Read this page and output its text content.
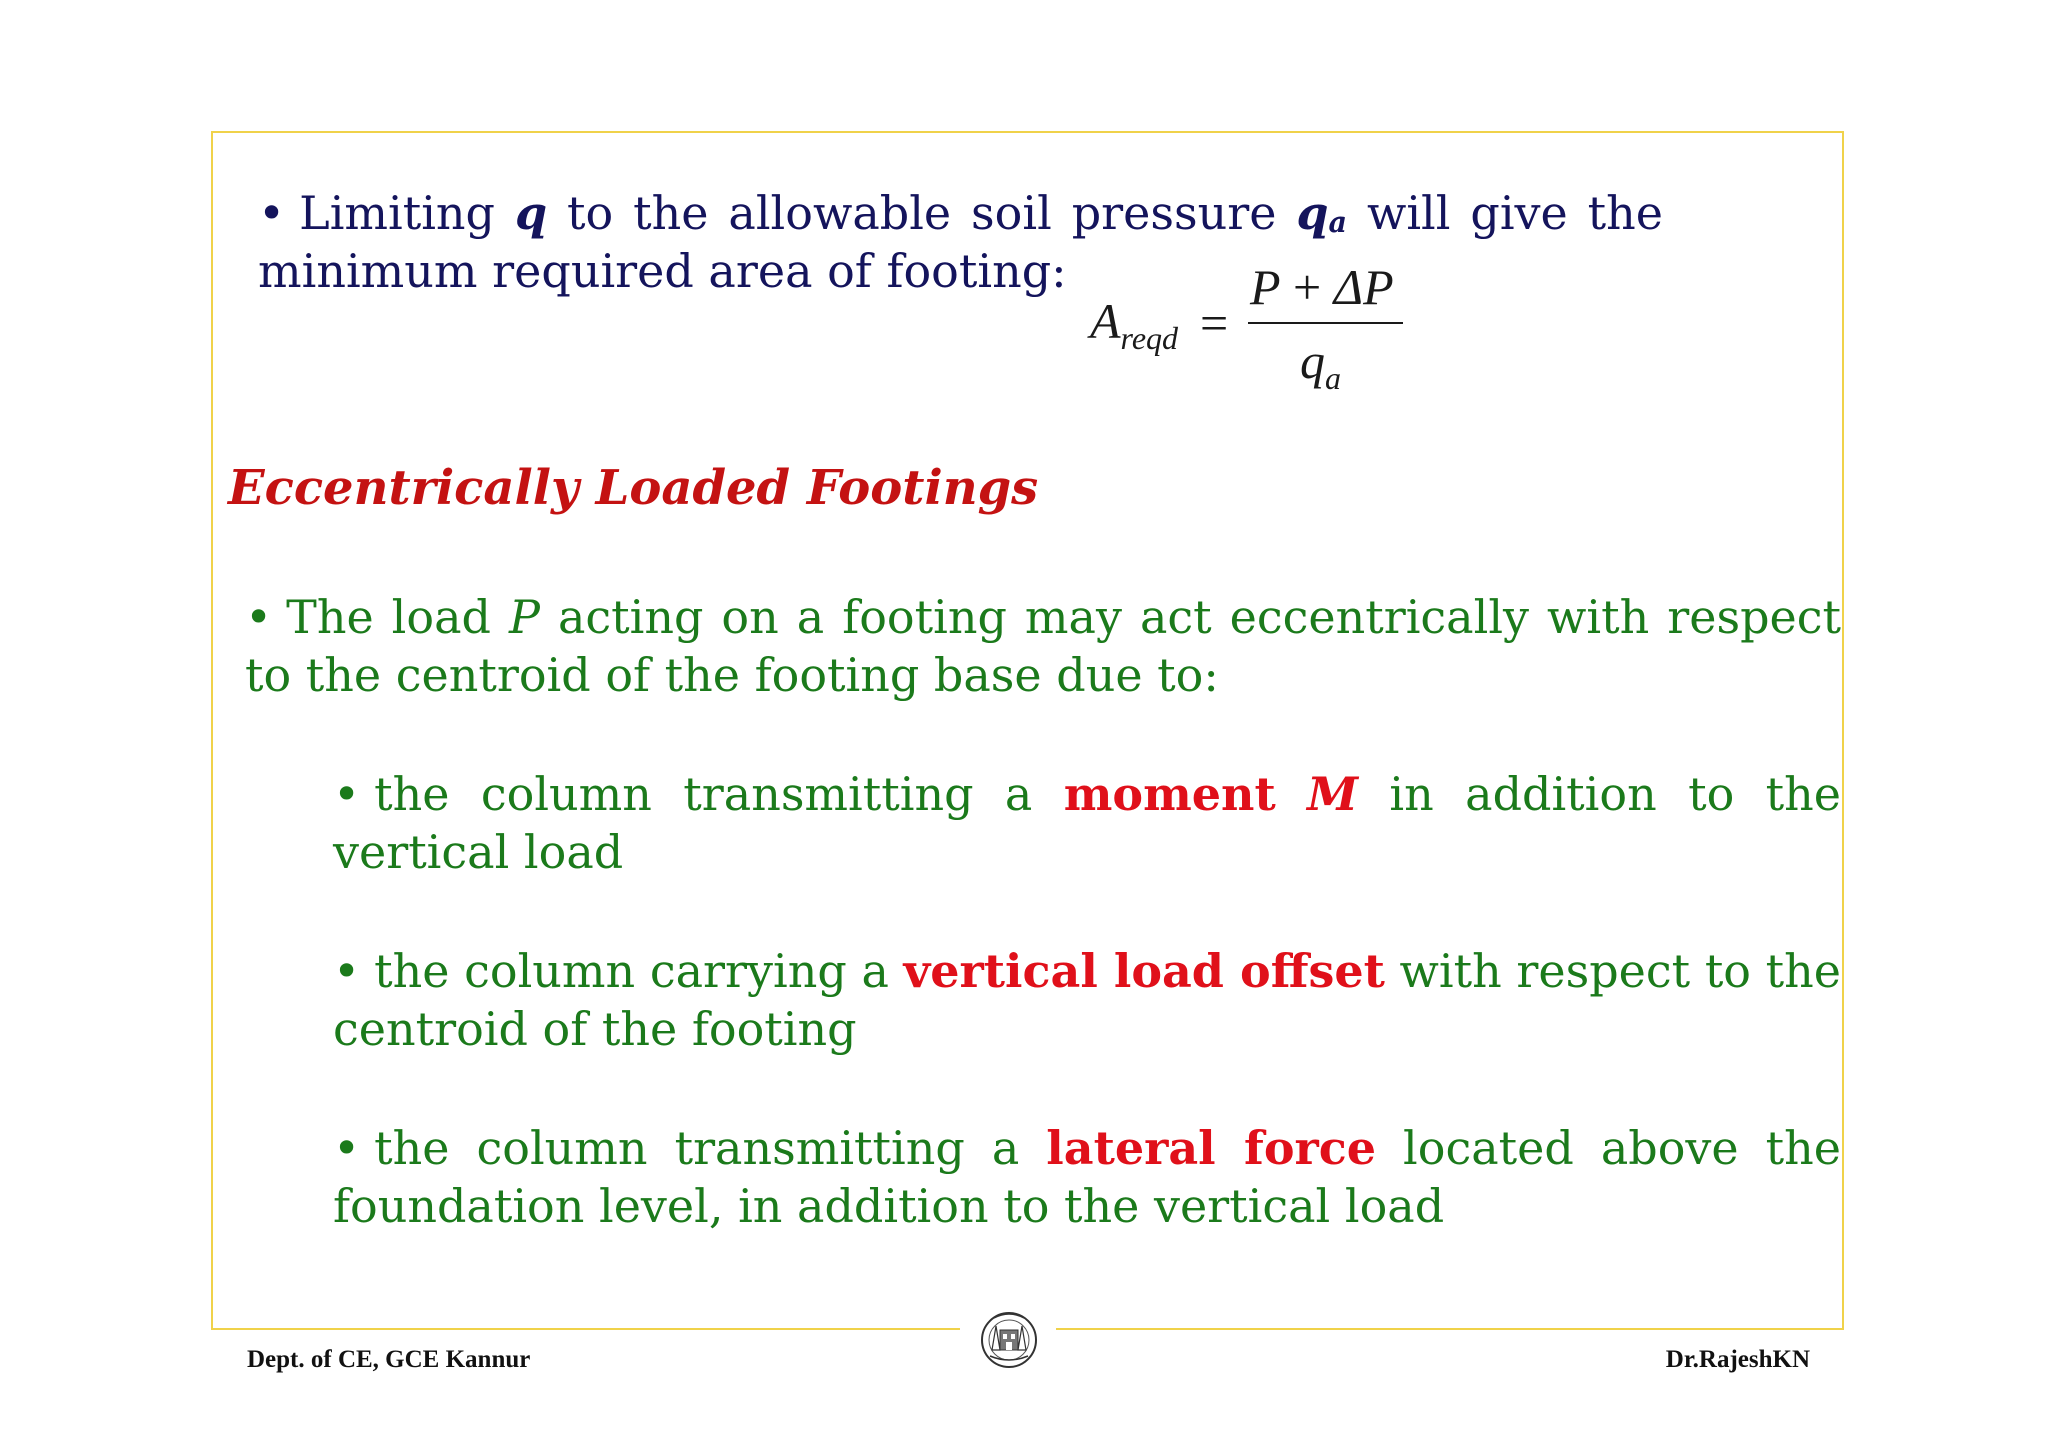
• Limiting q to the allowable soil pressure $q_a$ will give the minimum required area of footing:

$A_{reqd}$ =
P + ΔP
$q_a$

Eccentrically Loaded Footings

• The load P acting on a footing may act eccentrically with respect to the centroid of the footing base due to:

• the column transmitting a moment M in addition to the vertical load

• the column carrying a vertical load offset with respect to the centroid of the footing

• the column transmitting a lateral force located above the foundation level, in addition to the vertical load

Dept. of CE, GCE Kannur	Dr.RajeshKN
